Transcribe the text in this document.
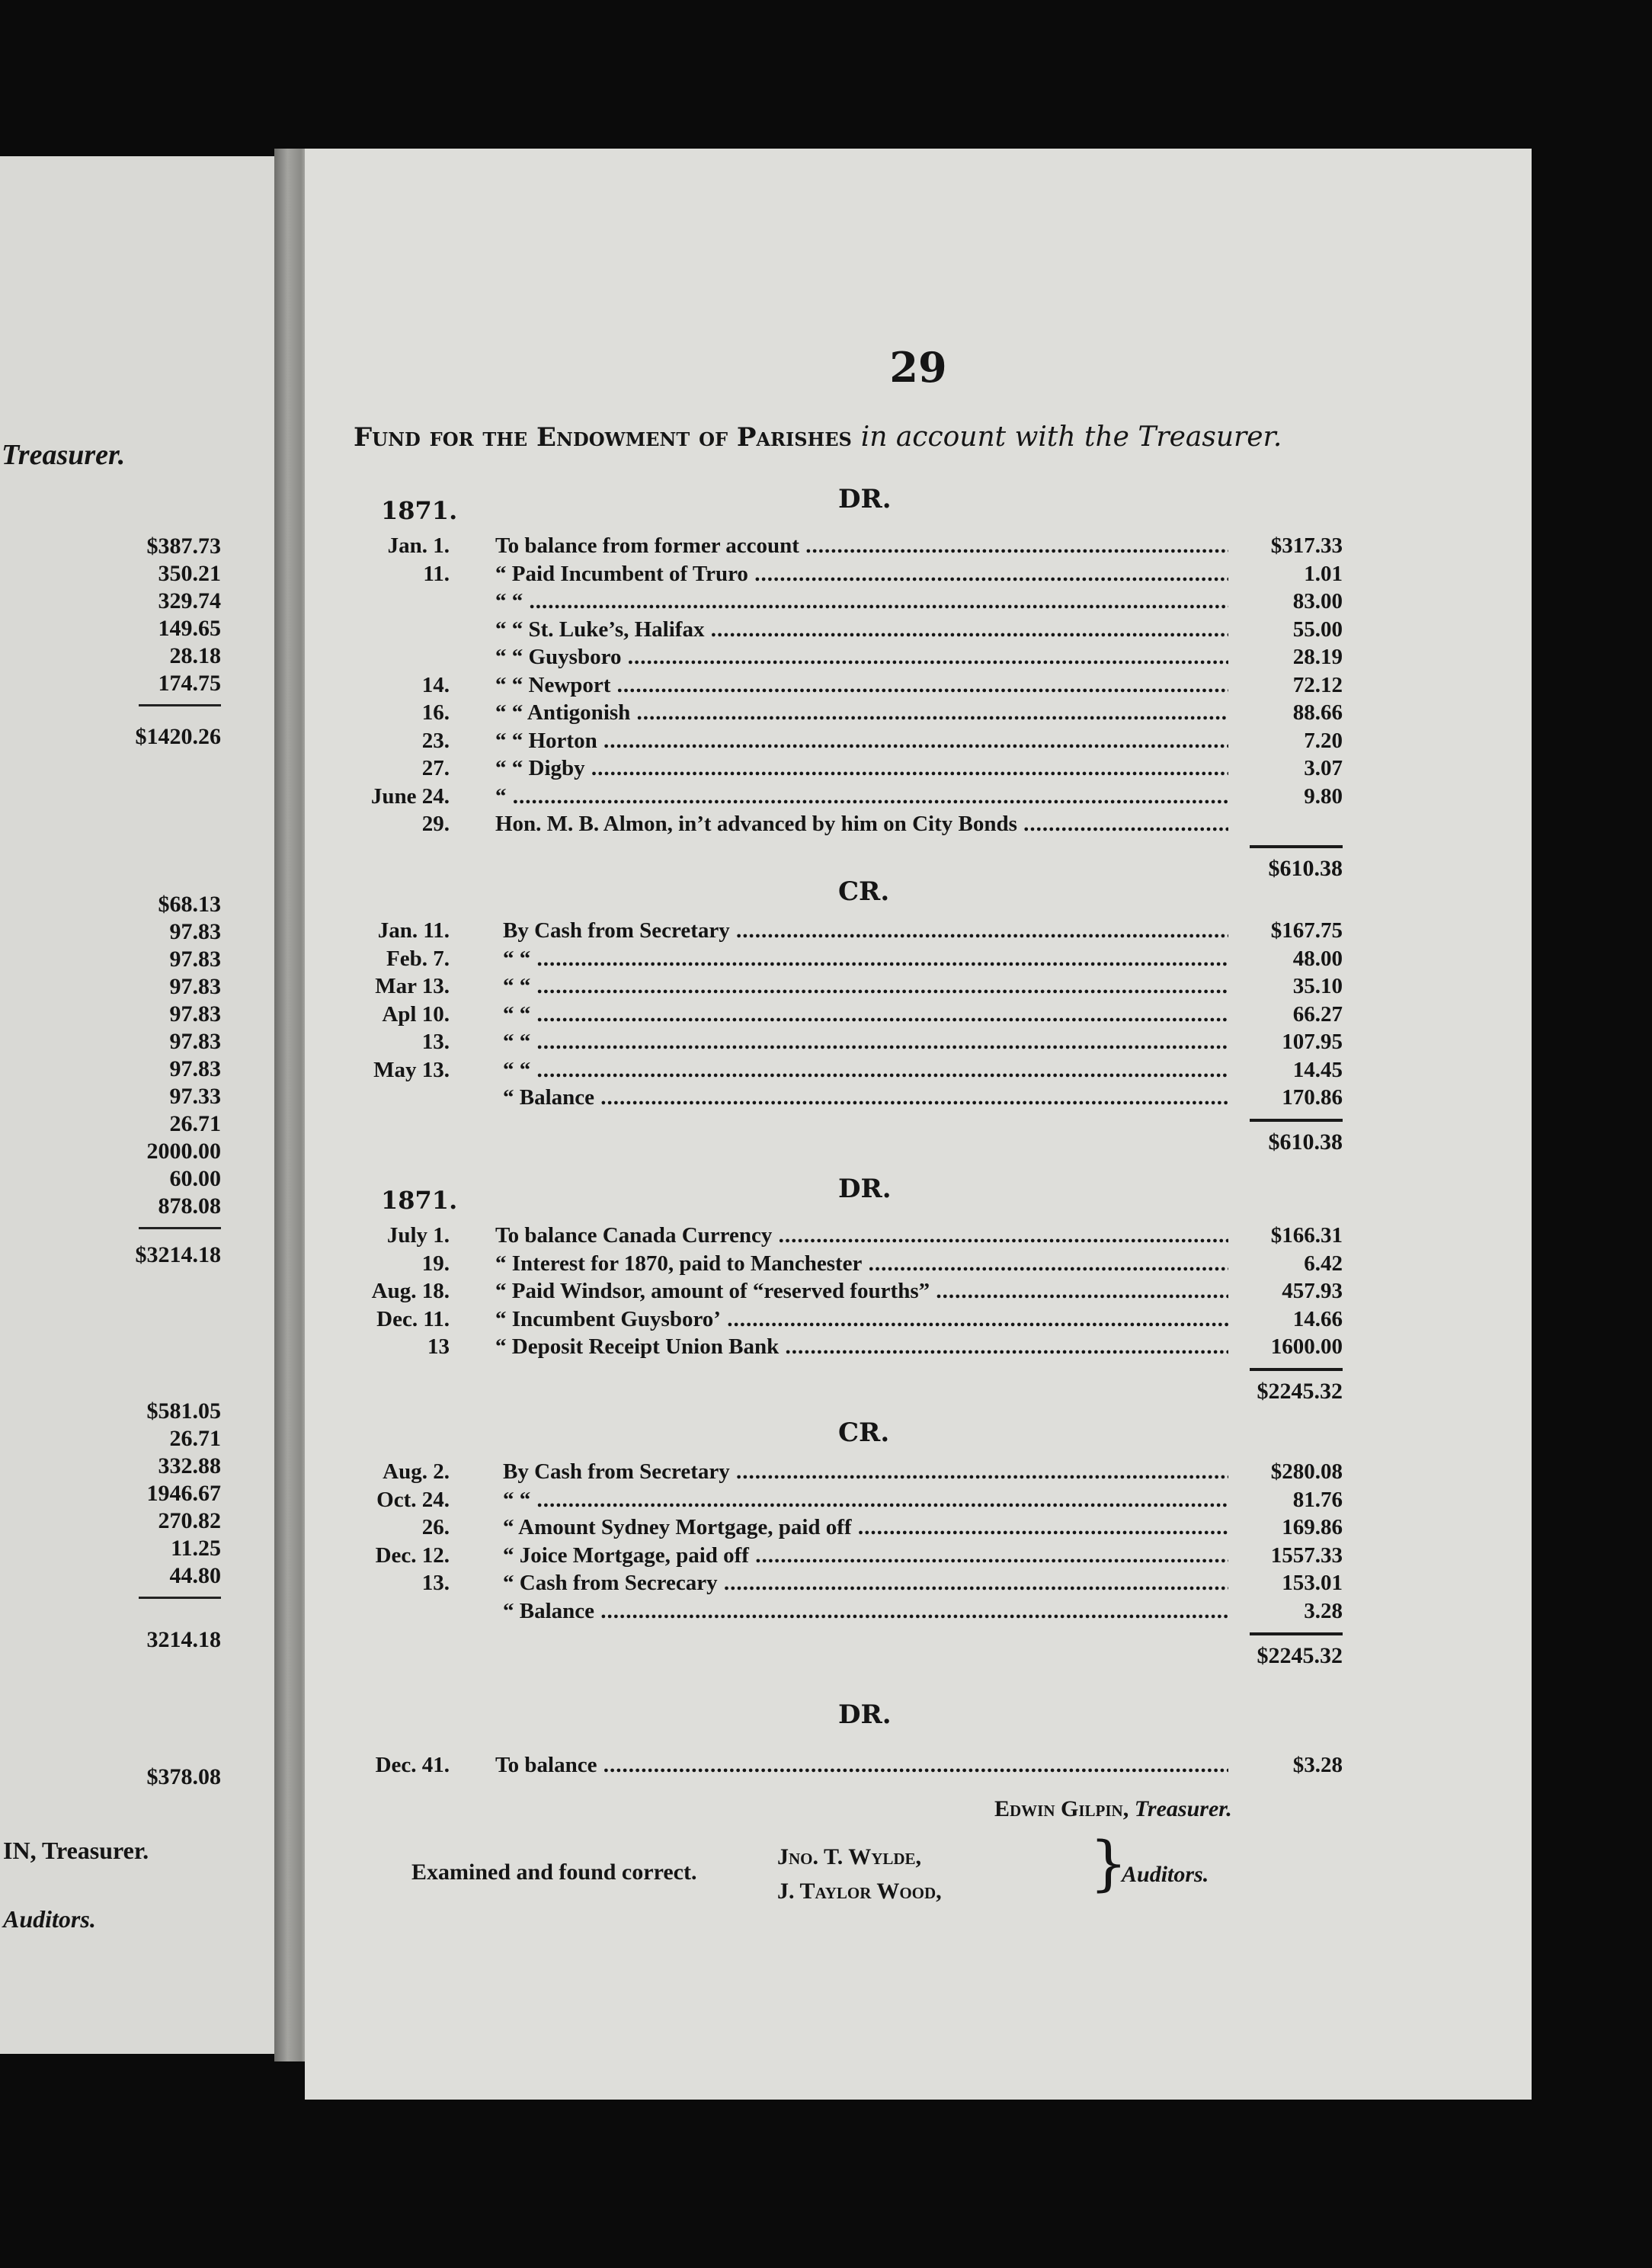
Treasurer.
$387.73
350.21
329.74
149.65
28.18
174.75
$1420.26
$68.13
97.83
97.83
97.83
97.83
97.83
97.83
97.33
26.71
2000.00
60.00
878.08
$3214.18
$581.05
26.71
332.88
1946.67
270.82
11.25
44.80
3214.18
$378.08
IN, Treasurer.
Auditors.
29
Fund for the Endowment of Parishes in account with the Treasurer.
DR.
1871.
Jan. 1. To balance from former account .....	$317.33
11. “ Paid Incumbent of Truro .....	1.01
“ “ .....	83.00
“ “ St. Luke’s, Halifax .....	55.00
“ “ Guysboro .....	28.19
14. “ “ Newport .....	72.12
16. “ “ Antigonish .....	88.66
23. “ “ Horton .....	7.20
27. “ “ Digby .....	3.07
June 24. “ .....	9.80
29. Hon. M. B. Almon, in’t advanced by him on City Bonds .....
$610.38
CR.
Jan. 11. By Cash from Secretary .....	$167.75
Feb. 7. “ “ .....	48.00
Mar 13. “ “ .....	35.10
Apl 10. “ “ .....	66.27
13. “ “ .....	107.95
May 13. “ “ .....	14.45
“ Balance .....	170.86
$610.38
DR.
1871.
July 1. To balance Canada Currency .....	$166.31
19. “ Interest for 1870, paid to Manchester .....	6.42
Aug. 18. “ Paid Windsor, amount of “reserved fourths” .....	457.93
Dec. 11. “ Incumbent Guysboro’ .....	14.66
13 “ Deposit Receipt Union Bank .....	1600.00
$2245.32
CR.
Aug. 2. By Cash from Secretary .....	$280.08
Oct. 24. “ “ .....	81.76
26. “ Amount Sydney Mortgage, paid off .....	169.86
Dec. 12. “ Joice Mortgage, paid off .....	1557.33
13. “ Cash from Secrecary .....	153.01
“ Balance .....	3.28
$2245.32
DR.
Dec. 41. To balance .....	$3.28
Edwin Gilpin, Treasurer.
Examined and found correct.
Jno. T. Wylde,
J. Taylor Wood, }
Auditors.
